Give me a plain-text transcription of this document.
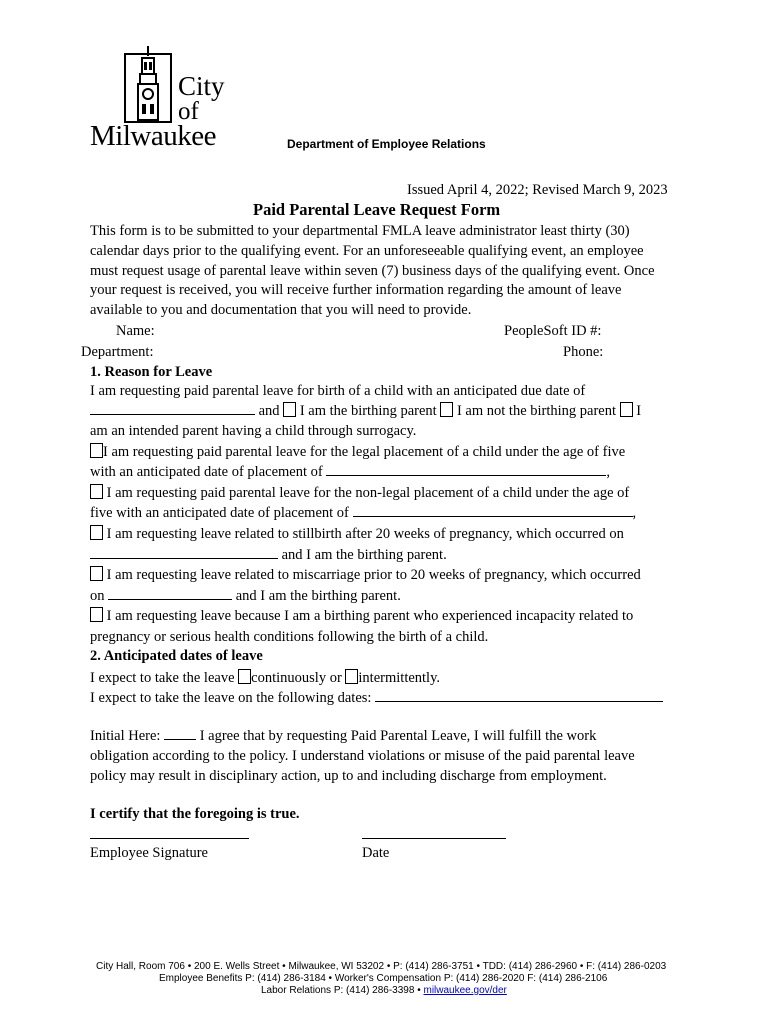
City
of
Milwaukee	Department of Employee Relations
Issued April 4, 2022; Revised March 9, 2023
Paid Parental Leave Request Form
This form is to be submitted to your departmental FMLA leave administrator least thirty (30)
calendar days prior to the qualifying event. For an unforeseeable qualifying event, an employee
must request usage of parental leave within seven (7) business days of the qualifying event. Once
your request is received, you will receive further information regarding the amount of leave
available to you and documentation that you will need to provide.
Name:	PeopleSoft ID #:
Department:	Phone:
1. Reason for Leave
I am requesting paid parental leave for birth of a child with an anticipated due date of
and I am the birthing parent I am not the birthing parent I
am an intended parent having a child through surrogacy.
I am requesting paid parental leave for the legal placement of a child under the age of five
with an anticipated date of placement of	,
I am requesting paid parental leave for the non-legal placement of a child under the age of
five with an anticipated date of placement of	,
I am requesting leave related to stillbirth after 20 weeks of pregnancy, which occurred on
and I am the birthing parent.
I am requesting leave related to miscarriage prior to 20 weeks of pregnancy, which occurred
on	and I am the birthing parent.
I am requesting leave because I am a birthing parent who experienced incapacity related to
pregnancy or serious health conditions following the birth of a child.
2. Anticipated dates of leave
I expect to take the leave continuously or intermittently.
I expect to take the leave on the following dates:
Initial Here:	I agree that by requesting Paid Parental Leave, I will fulfill the work
obligation according to the policy. I understand violations or misuse of the paid parental leave
policy may result in disciplinary action, up to and including discharge from employment.
I certify that the foregoing is true.
Employee Signature	Date
City Hall, Room 706 • 200 E. Wells Street • Milwaukee, WI 53202 • P: (414) 286-3751 • TDD: (414) 286-2960 • F: (414) 286-0203
Employee Benefits P: (414) 286-3184 • Worker's Compensation P: (414) 286-2020 F: (414) 286-2106
Labor Relations P: (414) 286-3398 • milwaukee.gov/der
